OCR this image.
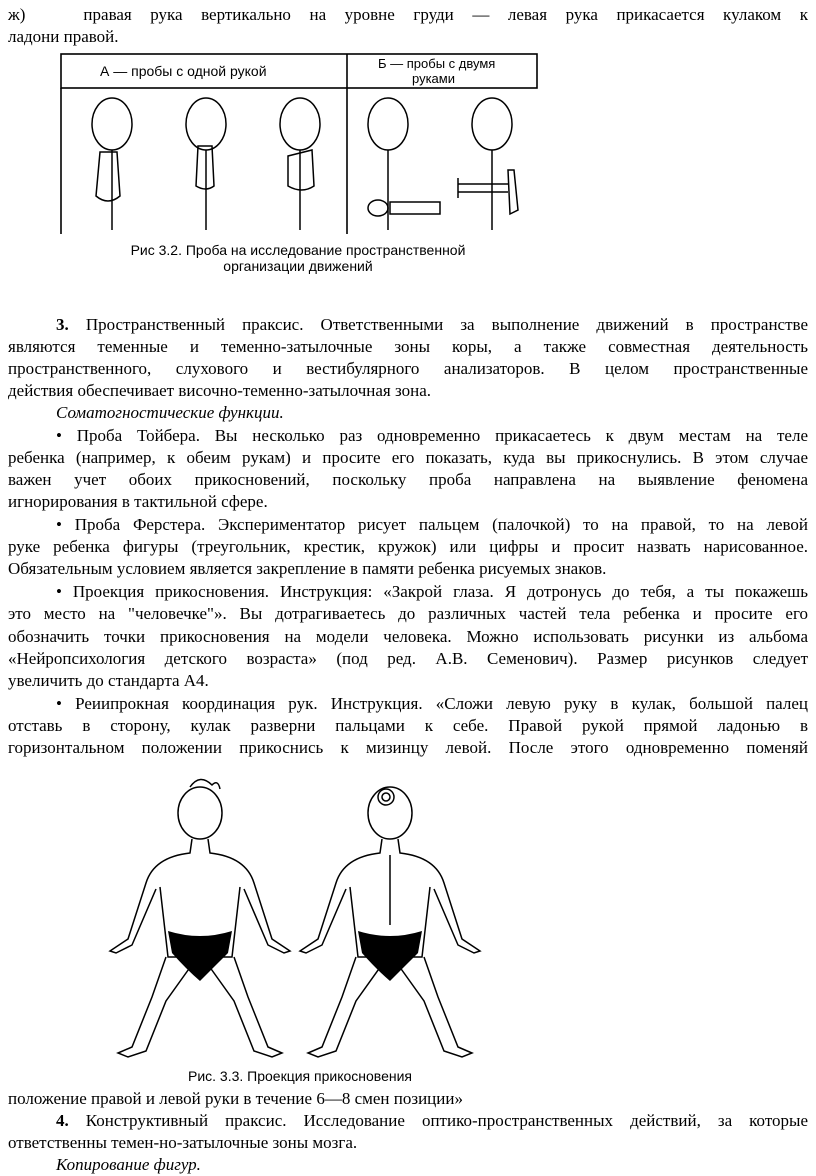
ж)	правая рука вертикально на уровне груди — левая рука прикасается кулаком к
ладони правой.
А — пробы с одной рукой	Б — пробы с двумя
руками
Рис 3.2. Проба на исследование пространственной
организации движений
3. Пространственный праксис. Ответственными за выполнение движений в пространстве
являются теменные и теменно-затылочные зоны коры, а также совместная деятельность
пространственного, слухового и вестибулярного анализаторов. В целом пространственные
действия обеспечивает височно-теменно-затылочная зона.
Соматогностические функции.
• Проба Тойбера. Вы несколько раз одновременно прикасаетесь к двум местам на теле
ребенка (например, к обеим рукам) и просите его показать, куда вы прикоснулись. В этом случае
важен учет обоих прикосновений, поскольку проба направлена на выявление феномена
игнорирования в тактильной сфере.
• Проба Ферстера. Экспериментатор рисует пальцем (палочкой) то на правой, то на левой
руке ребенка фигуры (треугольник, крестик, кружок) или цифры и просит назвать нарисованное.
Обязательным условием является закрепление в памяти ребенка рисуемых знаков.
• Проекция прикосновения. Инструкция: «Закрой глаза. Я дотронусь до тебя, а ты покажешь
это место на "человечке"». Вы дотрагиваетесь до различных частей тела ребенка и просите его
обозначить точки прикосновения на модели человека. Можно использовать рисунки из альбома
«Нейропсихология детского возраста» (под ред. А.В. Семенович). Размер рисунков следует
увеличить до стандарта А4.
• Реиипрокная координация рук. Инструкция. «Сложи левую руку в кулак, большой палец
отставь в сторону, кулак разверни пальцами к себе. Правой рукой прямой ладонью в
горизонтальном положении прикоснись к мизинцу левой. После этого одновременно поменяй
Рис. 3.3. Проекция прикосновения
положение правой и левой руки в течение 6—8 смен позиции»
4. Конструктивный праксис. Исследование оптико-пространственных действий, за которые
ответственны темен-но-затылочные зоны мозга.
Копирование фигур.
